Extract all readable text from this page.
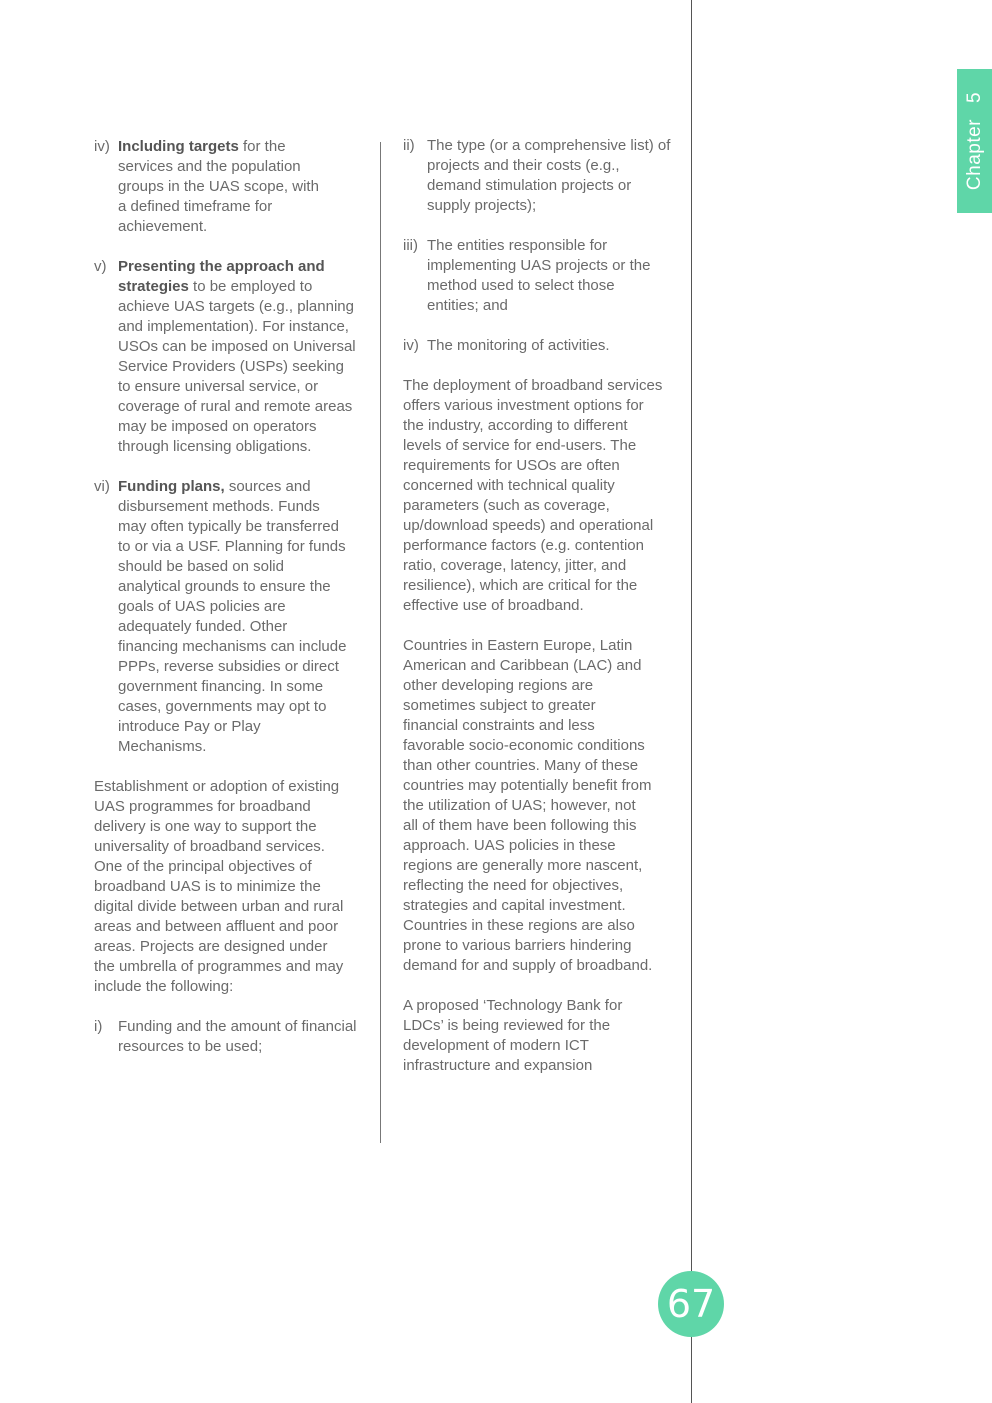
Chapter5
iv) Including targets for the services and the population groups in the UAS scope, with a defined timeframe for achievement.
v) Presenting the approach and strategies to be employed to achieve UAS targets (e.g., planning and implementation). For instance, USOs can be imposed on Universal Service Providers (USPs) seeking to ensure universal service, or coverage of rural and remote areas may be imposed on operators through licensing obligations.
vi) Funding plans, sources and disbursement methods. Funds may often typically be transferred to or via a USF. Planning for funds should be based on solid analytical grounds to ensure the goals of UAS policies are adequately funded. Other financing mechanisms can include PPPs, reverse subsidies or direct government financing. In some cases, governments may opt to introduce Pay or Play Mechanisms.

Establishment or adoption of existing UAS programmes for broadband delivery is one way to support the universality of broadband services. One of the principal objectives of broadband UAS is to minimize the digital divide between urban and rural areas and between affluent and poor areas. Projects are designed under the umbrella of programmes and may include the following:

i) Funding and the amount of financial resources to be used;
ii) The type (or a comprehensive list) of projects and their costs (e.g., demand stimulation projects or supply projects);
iii) The entities responsible for implementing UAS projects or the method used to select those entities; and
iv) The monitoring of activities.

The deployment of broadband services offers various investment options for the industry, according to different levels of service for end-users. The requirements for USOs are often concerned with technical quality parameters (such as coverage, up/download speeds) and operational performance factors (e.g. contention ratio, coverage, latency, jitter, and resilience), which are critical for the effective use of broadband.

Countries in Eastern Europe, Latin American and Caribbean (LAC) and other developing regions are sometimes subject to greater financial constraints and less favorable socio-economic conditions than other countries. Many of these countries may potentially benefit from the utilization of UAS; however, not all of them have been following this approach. UAS policies in these regions are generally more nascent, reflecting the need for objectives, strategies and capital investment. Countries in these regions are also prone to various barriers hindering demand for and supply of broadband.

A proposed ‘Technology Bank for LDCs’ is being reviewed for the development of modern ICT infrastructure and expansion

67
